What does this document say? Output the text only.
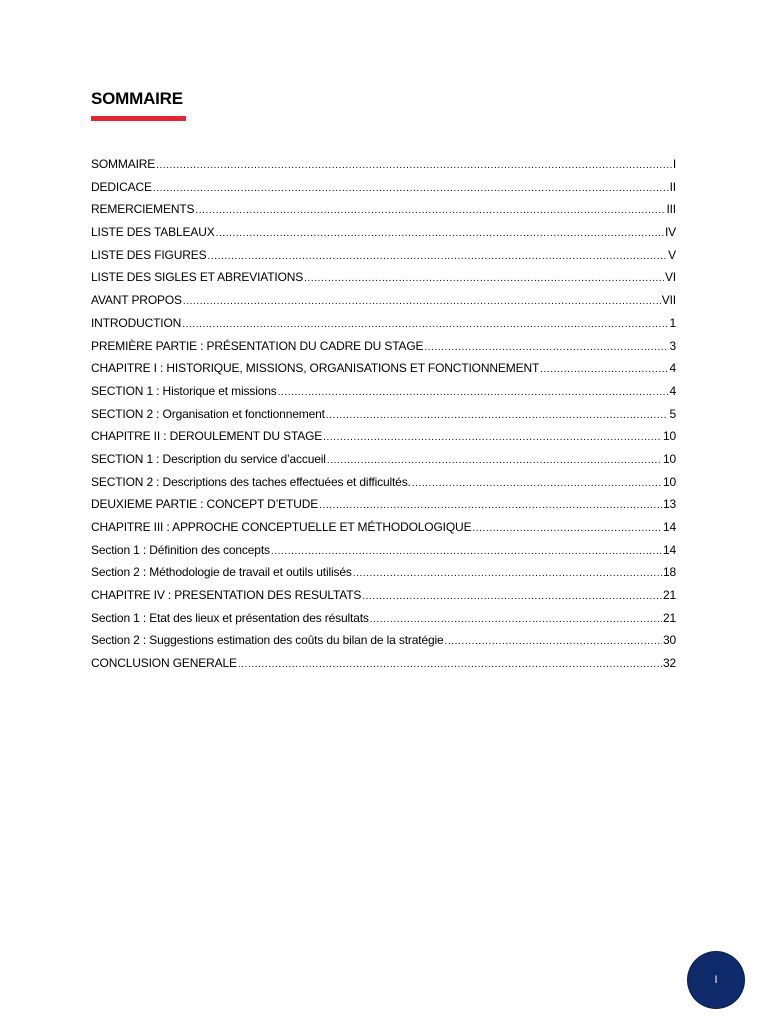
SOMMAIRE
SOMMAIRE .....	I
DEDICACE .....	II
REMERCIEMENTS .....	III
LISTE DES TABLEAUX .....	IV
LISTE DES FIGURES .....	V
LISTE DES SIGLES ET ABREVIATIONS .....	VI
AVANT PROPOS .....	VII
INTRODUCTION .....	1
PREMIÈRE PARTIE : PRÉSENTATION DU CADRE DU STAGE .....	3
CHAPITRE I : HISTORIQUE, MISSIONS, ORGANISATIONS ET FONCTIONNEMENT .....	4
SECTION 1 : Historique et missions .....	4
SECTION 2 : Organisation et fonctionnement .....	5
CHAPITRE II : DEROULEMENT DU STAGE .....	10
SECTION 1 : Description du service d’accueil .....	10
SECTION 2 : Descriptions des taches effectuées et difficultés. .....	10
DEUXIEME PARTIE : CONCEPT D’ETUDE .....	13
CHAPITRE III : APPROCHE CONCEPTUELLE ET MÉTHODOLOGIQUE .....	14
Section 1 : Définition des concepts .....	14
Section 2 : Méthodologie de travail et outils utilisés .....	18
CHAPITRE IV : PRESENTATION DES RESULTATS .....	21
Section 1 : Etat des lieux et présentation des résultats .....	21
Section 2 : Suggestions estimation des coûts du bilan de la stratégie .....	30
CONCLUSION GENERALE .....	32
I
